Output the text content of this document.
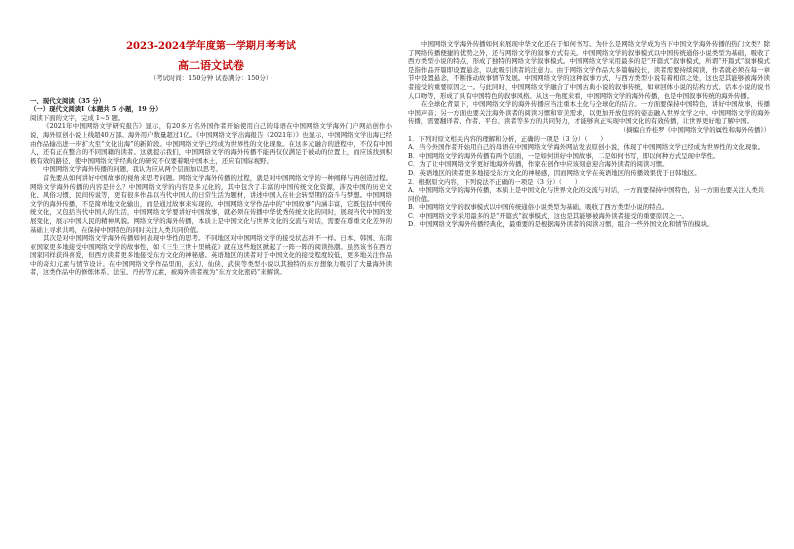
2023-2024学年度第一学期月考考试
高二语文试卷
（考试时间：150分钟 试卷满分：150分）
一、现代文阅读（35 分）
（一）现代文阅读Ⅰ（本题共 5 小题，19 分）

阅读下面的文字，完成 1~5 题。

《2021年中国网络文学研究报告》显示，有20多万名外国作者开始使用自己的母语在中国网络文学海外门户网站创作小说，海外原创小说上线超40万部。海外用户数量超过1亿。《中国网络文学出海报告（2021年）》也显示，中国网络文学出海已经由作品输出进一步扩大至“文化出海”的新阶段。中国网络文学已经成为世界性的文化现象。在这多元融合的进程中，不仅有中国人，还有正在整合的不同国籍的读者。这就提示我们，中国网络文学的海外传播不能再仅仅满足于被动的位置上，而应该找到积极有效的路径，使中国网络文学经典化的研究不仅要着眼中国本土，还应有国际视野。

中国网络文学海外传播的问题，我认为应从两个层面加以思考。

首先要从如何讲好中国故事的视角来思考问题。网络文学海外传播的过程，就是对中国网络文学的一种阐释与再创造过程。网络文学海外传播的内容是什么？中国网络文学的内容是多元化的，其中包含了丰富的中国传统文化资源，涉及中国的历史文化、风俗习惯、民间传说等，更有很多作品以当代中国人的日常生活为题材，讲述中国人在社会转型期的奋斗与梦想。中国网络文学的海外传播，不是简单地文化输出，而是通过故事来实现的。中国网络文学作品中的“中国故事”内涵丰富，它既包括中国传统文化，又包括当代中国人的生活，中国网络文学要讲好中国故事，就必须在传播中华优秀传统文化的同时，展现当代中国的发展变化，展示中国人民的精神风貌。网络文学的海外传播，本质上是中国文化与世界文化的交流与对话，需要在尊重文化差异的基础上寻求共鸣，在保持中国特色的同时关注人类共同价值。

其次是对中国网络文学海外传播如何表现中华性的思考。不同地区对中国网络文学的接受状态并不一样。日本、韩国、东南亚国家更多地接受中国网络文学的故事性，如《三生三世十里桃花》就在这些地区掀起了一阵一阵的阅读热潮。虽然该书在西方国家同样获得喜爱，但西方读者更多地接受东方文化的神秘感。英语地区的读者对于中国文化的接受程度较低，更多地关注作品中的奇幻元素与情节设计。在中国网络文学作品里面，玄幻、仙侠、武侠等类型小说以其独特的东方想象力吸引了大量海外读者，这类作品中的修炼体系、法宝、丹药等元素，被海外读者视为“东方文化密码”来解读。

中国网络文学海外传播如何来展现中华文化还在于如何书写。为什么是网络文学成为当下中国文学海外传播的热门文类？除了网络传播便捷的优势之外，还与网络文学的叙事方式有关。中国网络文学的叙事模式以中国传统通俗小说类型为基础，吸收了西方类型小说的特点，形成了独特的网络文学叙事模式。中国网络文学采用最多的是“开篇式”叙事模式，所谓“开篇式”叙事模式是指作品开篇即设置悬念，以此吸引读者的注意力。由于网络文学作品大多篇幅较长，读者需要持续阅读，作者就必须在每一章节中设置悬念，不断推动故事情节发展。中国网络文学的这种叙事方式，与西方类型小说有着相似之处，这也是其能够被海外读者接受的重要原因之一。与此同时，中国网络文学融合了中国古典小说的叙事传统，如章回体小说的结构方式、话本小说的说书人口吻等，形成了具有中国特色的叙事风格。从这一角度来看，中国网络文学的海外传播，也是中国叙事传统的海外传播。

在全球化背景下，中国网络文学的海外传播应当注重本土化与全球化的结合。一方面要保持中国特色，讲好中国故事，传播中国声音；另一方面也要关注海外读者的阅读习惯和审美需求，以更加开放包容的姿态融入世界文学之中。中国网络文学的海外传播，需要翻译者、作者、平台、读者等多方的共同努力，才能够真正实现中国文化的有效传播，让世界更好地了解中国。

（摘编自乔桂罗《中国网络文学的属性和海外传播》）

1．下列对原文相关内容的理解和分析，正确的一项是（3 分）（　　）
A．当今外国作者开始用自己的母语在中国网络文学海外网站发表原创小说，体现了中国网络文学已经成为世界性的文化现象。
B．中国网络文学的海外传播有两个层面，一是如何讲好中国故事，二是如何书写，即以何种方式呈现中华性。
C．为了让中国网络文学更好地海外传播，作家在创作中应该刻意迎合海外读者的阅读习惯。
D．英语地区的读者更多地接受东方文化的神秘感，因而网络文学在英语地区的传播效果优于日韩地区。
2．根据原文内容，下列说法不正确的一项是（3 分）（　　）
A．中国网络文学的海外传播，本质上是中国文化与世界文化的交流与对话，一方面要保持中国特色，另一方面也要关注人类共同价值。
B．中国网络文学的叙事模式以中国传统通俗小说类型为基础，吸收了西方类型小说的特点。
C．中国网络文学采用最多的是“开篇式”叙事模式，这也是其能够被海外读者接受的重要原因之一。
D．中国网络文学海外传播经典化，最重要的是根据海外读者的阅读习惯，组合一些外国文化和情节的模块。
